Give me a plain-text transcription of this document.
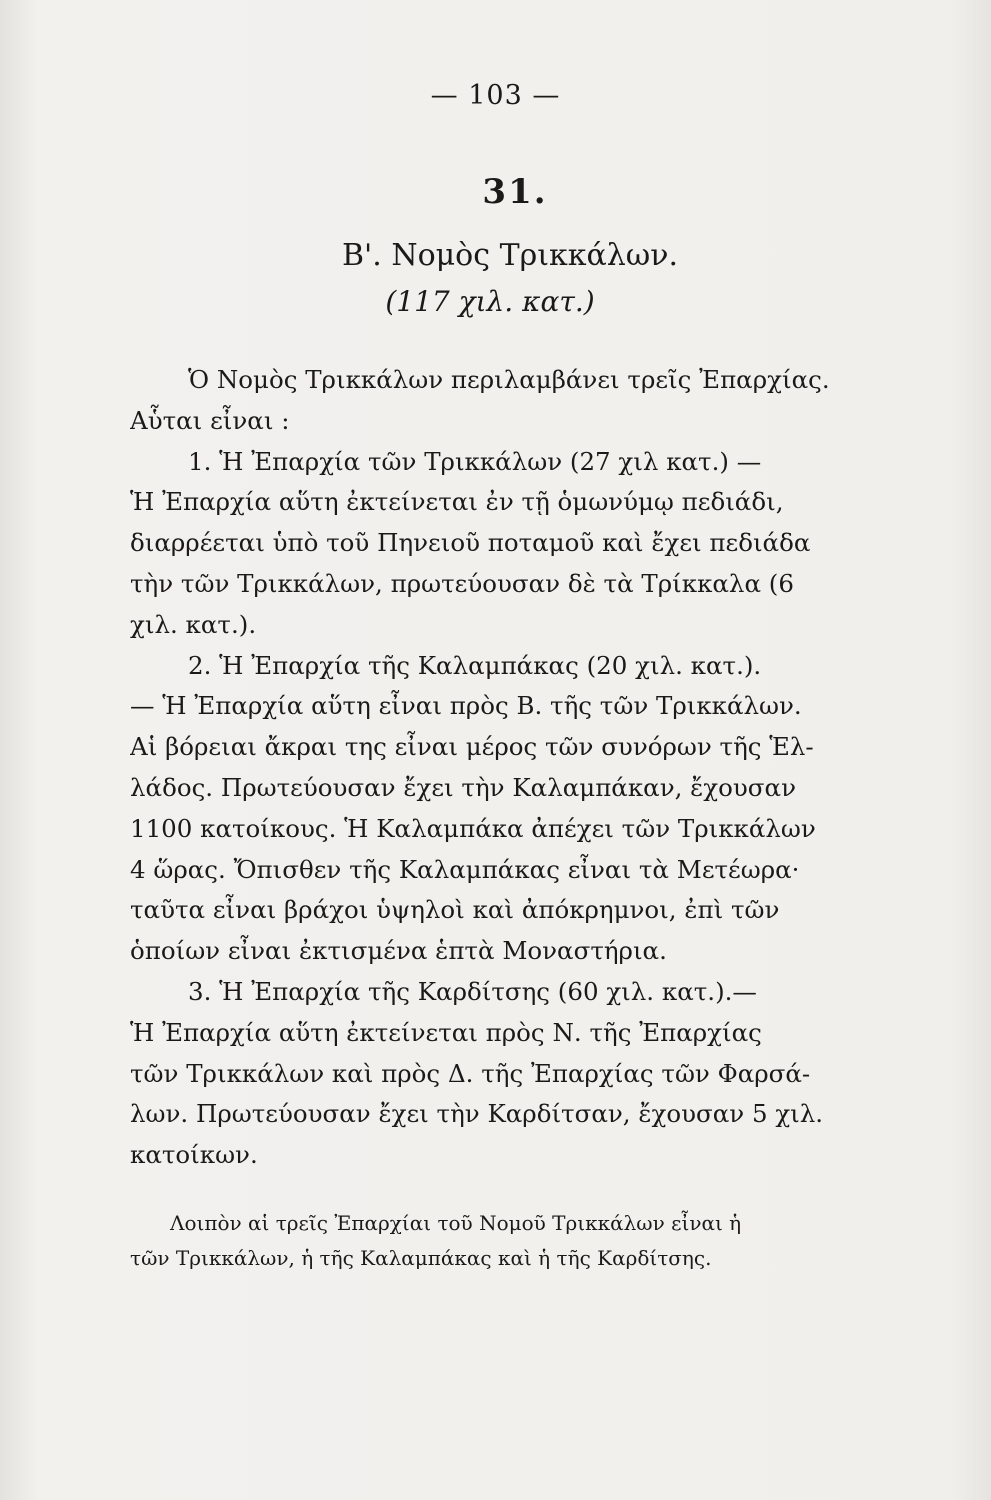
— 103 —
31.
Β'. Νομὸς Τρικκάλων.
(117 χιλ. κατ.)
Ὁ Νομὸς Τρικκάλων περιλαμβάνει τρεῖς Ἐπαρχίας.
Αὗται εἶναι :
1. Ἡ Ἐπαρχία τῶν Τρικκάλων (27 χιλ κατ.) —
Ἡ Ἐπαρχία αὕτη ἐκτείνεται ἐν τῇ ὁμωνύμῳ πεδιάδι,
διαρρέεται ὑπὸ τοῦ Πηνειοῦ ποταμοῦ καὶ ἔχει πεδιάδα
τὴν τῶν Τρικκάλων, πρωτεύουσαν δὲ τὰ Τρίκκαλα (6
χιλ. κατ.).
2. Ἡ Ἐπαρχία τῆς Καλαμπάκας (20 χιλ. κατ.).
— Ἡ Ἐπαρχία αὕτη εἶναι πρὸς Β. τῆς τῶν Τρικκάλων.
Αἱ βόρειαι ἄκραι της εἶναι μέρος τῶν συνόρων τῆς Ἑλ-
λάδος. Πρωτεύουσαν ἔχει τὴν Καλαμπάκαν, ἔχουσαν
1100 κατοίκους. Ἡ Καλαμπάκα ἀπέχει τῶν Τρικκάλων
4 ὥρας. Ὄπισθεν τῆς Καλαμπάκας εἶναι τὰ Μετέωρα·
ταῦτα εἶναι βράχοι ὑψηλοὶ καὶ ἀπόκρημνοι, ἐπὶ τῶν
ὁποίων εἶναι ἐκτισμένα ἑπτὰ Μοναστήρια.
3. Ἡ Ἐπαρχία τῆς Καρδίτσης (60 χιλ. κατ.).—
Ἡ Ἐπαρχία αὕτη ἐκτείνεται πρὸς Ν. τῆς Ἐπαρχίας
τῶν Τρικκάλων καὶ πρὸς Δ. τῆς Ἐπαρχίας τῶν Φαρσά-
λων. Πρωτεύουσαν ἔχει τὴν Καρδίτσαν, ἔχουσαν 5 χιλ.
κατοίκων.
Λοιπὸν αἱ τρεῖς Ἐπαρχίαι τοῦ Νομοῦ Τρικκάλων εἶναι ἡ
τῶν Τρικκάλων, ἡ τῆς Καλαμπάκας καὶ ἡ τῆς Καρδίτσης.
